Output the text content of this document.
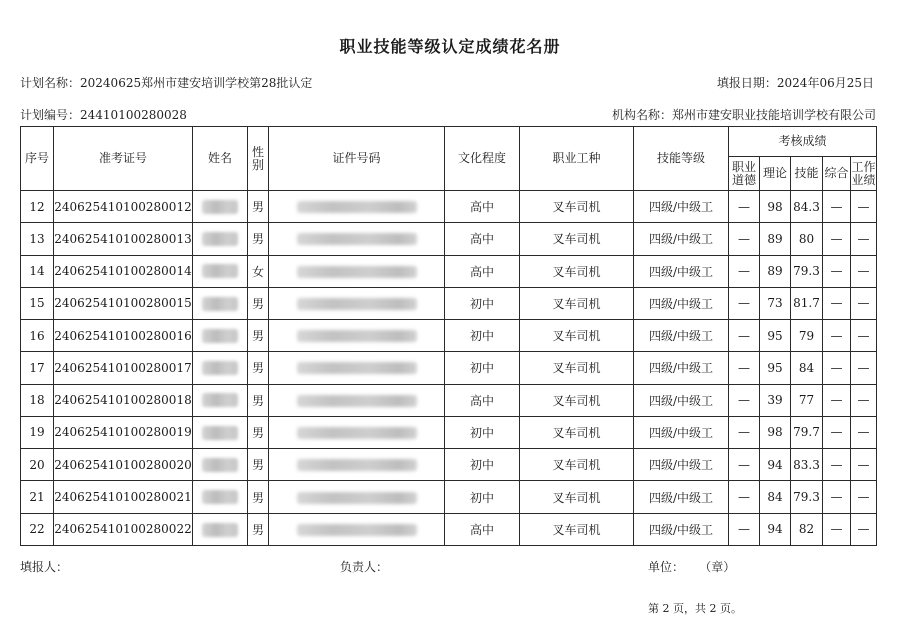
职业技能等级认定成绩花名册
计划名称：20240625郑州市建安培训学校第28批认定	填报日期：2024年06月25日
计划编号：24410100280028	机构名称：郑州市建安职业技能培训学校有限公司
序号	准考证号	姓名	性别	证件号码	文化程度	职业工种	技能等级	考核成绩				
								职业道德	理论	技能	综合	工作业绩
12	240625410100280012		男		高中	叉车司机	四级/中级工	—	98	84.3	—	—
13	240625410100280013		男		高中	叉车司机	四级/中级工	—	89	80	—	—
14	240625410100280014		女		高中	叉车司机	四级/中级工	—	89	79.3	—	—
15	240625410100280015		男		初中	叉车司机	四级/中级工	—	73	81.7	—	—
16	240625410100280016		男		初中	叉车司机	四级/中级工	—	95	79	—	—
17	240625410100280017		男		初中	叉车司机	四级/中级工	—	95	84	—	—
18	240625410100280018		男		高中	叉车司机	四级/中级工	—	39	77	—	—
19	240625410100280019		男		初中	叉车司机	四级/中级工	—	98	79.7	—	—
20	240625410100280020		男		初中	叉车司机	四级/中级工	—	94	83.3	—	—
21	240625410100280021		男		初中	叉车司机	四级/中级工	—	84	79.3	—	—
22	240625410100280022		男		高中	叉车司机	四级/中级工	—	94	82	—	—
填报人：	负责人：	单位： （章）
第 2 页，共 2 页。
